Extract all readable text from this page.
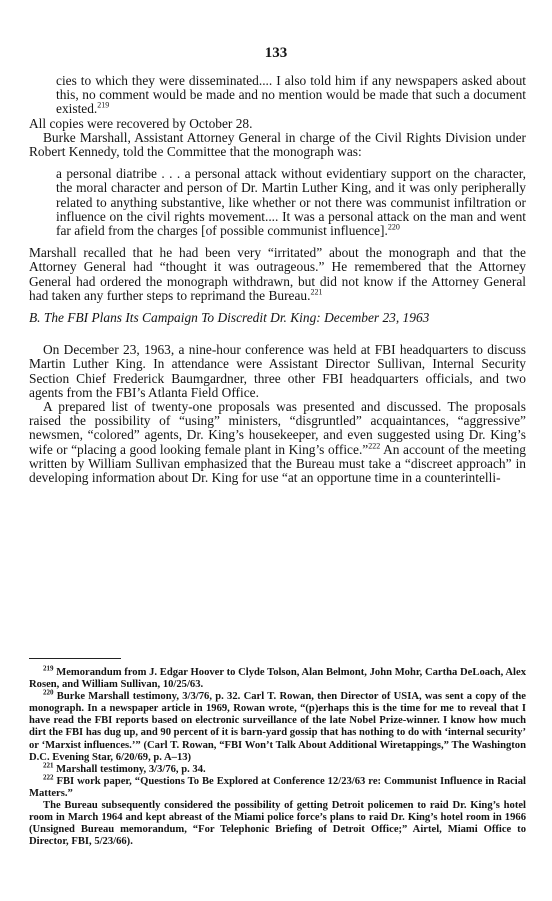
133

cies to which they were disseminated.... I also told him if any newspapers asked about this, no comment would be made and no mention would be made that such a document existed.$^{219}$

All copies were recovered by October 28.

Burke Marshall, Assistant Attorney General in charge of the Civil Rights Division under Robert Kennedy, told the Committee that the monograph was:

a personal diatribe . . . a personal attack without evidentiary support on the character, the moral character and person of Dr. Martin Luther King, and it was only peripherally related to anything substantive, like whether or not there was communist infiltration or influence on the civil rights movement.... It was a personal attack on the man and went far afield from the charges [of possible communist influence].$^{220}$

Marshall recalled that he had been very “irritated” about the monograph and that the Attorney General had “thought it was outrageous.” He remembered that the Attorney General had ordered the monograph withdrawn, but did not know if the Attorney General had taken any further steps to reprimand the Bureau.$^{221}$

B. The FBI Plans Its Campaign To Discredit Dr. King: December 23, 1963

On December 23, 1963, a nine-hour conference was held at FBI headquarters to discuss Martin Luther King. In attendance were Assistant Director Sullivan, Internal Security Section Chief Frederick Baumgardner, three other FBI headquarters officials, and two agents from the FBI’s Atlanta Field Office.

A prepared list of twenty-one proposals was presented and discussed. The proposals raised the possibility of “using” ministers, “disgruntled” acquaintances, “aggressive” newsmen, “colored” agents, Dr. King’s housekeeper, and even suggested using Dr. King’s wife or “placing a good looking female plant in King’s office.”$^{222}$ An account of the meeting written by William Sullivan emphasized that the Bureau must take a “discreet approach” in developing information about Dr. King for use “at an opportune time in a counterintelli-

$^{219}$ Memorandum from J. Edgar Hoover to Clyde Tolson, Alan Belmont, John Mohr, Cartha DeLoach, Alex Rosen, and William Sullivan, 10/25/63.

$^{220}$ Burke Marshall testimony, 3/3/76, p. 32. Carl T. Rowan, then Director of USIA, was sent a copy of the monograph. In a newspaper article in 1969, Rowan wrote, “(p)erhaps this is the time for me to reveal that I have read the FBI reports based on electronic surveillance of the late Nobel Prize-winner. I know how much dirt the FBI has dug up, and 90 percent of it is barn-yard gossip that has nothing to do with ‘internal security’ or ‘Marxist influences.’” (Carl T. Rowan, “FBI Won’t Talk About Additional Wiretappings,” The Washington D.C. Evening Star, 6/20/69, p. A–13)

$^{221}$ Marshall testimony, 3/3/76, p. 34.

$^{222}$ FBI work paper, “Questions To Be Explored at Conference 12/23/63 re: Communist Influence in Racial Matters.”

The Bureau subsequently considered the possibility of getting Detroit policemen to raid Dr. King’s hotel room in March 1964 and kept abreast of the Miami police force’s plans to raid Dr. King’s hotel room in 1966 (Unsigned Bureau memorandum, “For Telephonic Briefing of Detroit Office;” Airtel, Miami Office to Director, FBI, 5/23/66).
